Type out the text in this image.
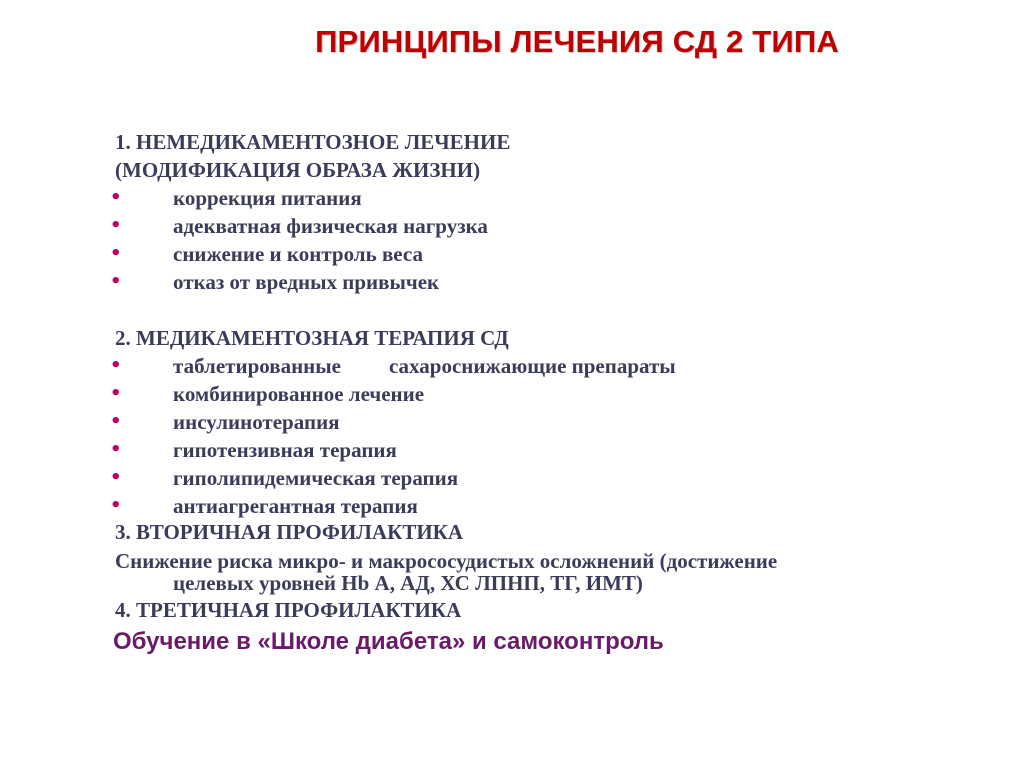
ПРИНЦИПЫ ЛЕЧЕНИЯ СД 2 ТИПА
1. НЕМЕДИКАМЕНТОЗНОЕ ЛЕЧЕНИЕ
(МОДИФИКАЦИЯ ОБРАЗА ЖИЗНИ)
• коррекция питания
• адекватная физическая нагрузка
• снижение и контроль веса
• отказ от вредных привычек
2. МЕДИКАМЕНТОЗНАЯ ТЕРАПИЯ СД
• таблетированные сахароснижающие препараты
• комбинированное лечение
• инсулинотерапия
• гипотензивная терапия
• гиполипидемическая терапия
• антиагрегантная терапия
3. ВТОРИЧНАЯ ПРОФИЛАКТИКА
Снижение риска микро- и макрососудистых осложнений (достижение
целевых уровней Hb А, АД, ХС ЛПНП, ТГ, ИМТ)
4. ТРЕТИЧНАЯ ПРОФИЛАКТИКА
Обучение в «Школе диабета» и самоконтроль
